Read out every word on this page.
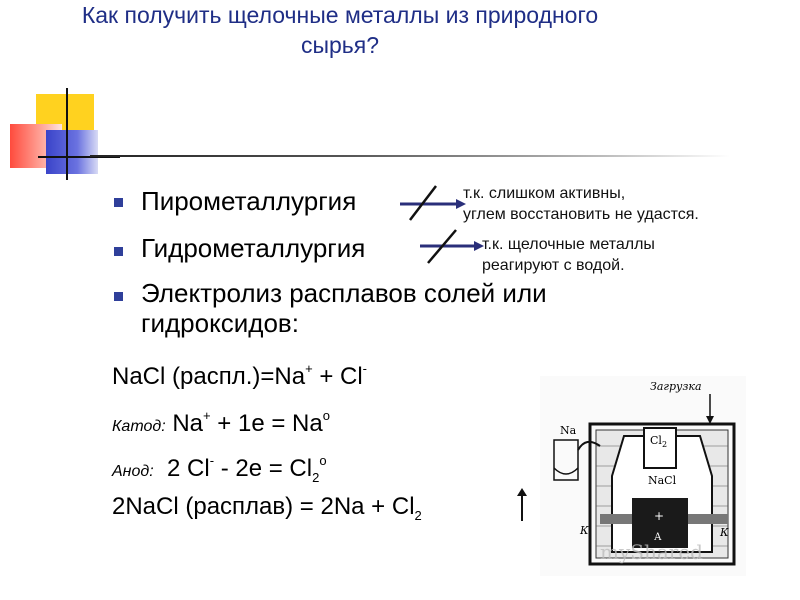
Как получить щелочные металлы из природного
сырья?
Пирометаллургия
Гидрометаллургия
Электролиз расплавов солей или
гидроксидов:
т.к. слишком активны,
углем восстановить не удастся.
т.к. щелочные металлы
реагируют с водой.
NaCl (распл.)=Na+ + Cl-
Катод: $Na^+ + 1e = Na^o$
Анод:  2 $Cl^- - 2e = Cl_2^o$
2NaCl (расплав) = $2Na + Cl_2$
Загрузка
$Cl_2$
NaCl
+
А
К	К
Na
myShared
